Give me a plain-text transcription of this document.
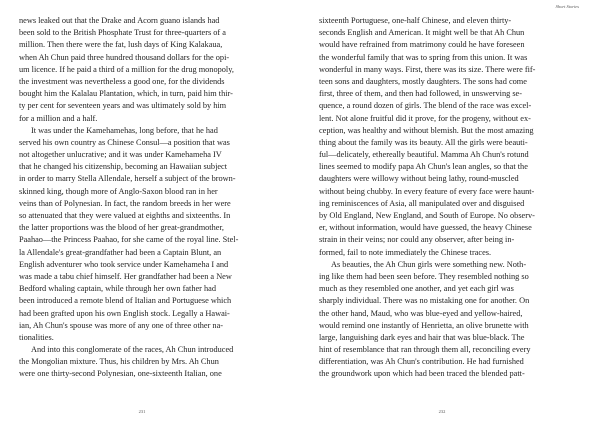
news leaked out that the Drake and Acorn guano islands had
been sold to the British Phosphate Trust for three-quarters of a
million. Then there were the fat, lush days of King Kalakaua,
when Ah Chun paid three hundred thousand dollars for the opi-
um licence. If he paid a third of a million for the drug monopoly,
the investment was nevertheless a good one, for the dividends
bought him the Kalalau Plantation, which, in turn, paid him thir-
ty per cent for seventeen years and was ultimately sold by him
for a million and a half.
It was under the Kamehamehas, long before, that he had
served his own country as Chinese Consul—a position that was
not altogether unlucrative; and it was under Kamehameha IV
that he changed his citizenship, becoming an Hawaiian subject
in order to marry Stella Allendale, herself a subject of the brown-
skinned king, though more of Anglo-Saxon blood ran in her
veins than of Polynesian. In fact, the random breeds in her were
so attenuated that they were valued at eighths and sixteenths. In
the latter proportions was the blood of her great-grandmother,
Paahao—the Princess Paahao, for she came of the royal line. Stel-
la Allendale's great-grandfather had been a Captain Blunt, an
English adventurer who took service under Kamehameha I and
was made a tabu chief himself. Her grandfather had been a New
Bedford whaling captain, while through her own father had
been introduced a remote blend of Italian and Portuguese which
had been grafted upon his own English stock. Legally a Hawai-
ian, Ah Chun's spouse was more of any one of three other na-
tionalities.
And into this conglomerate of the races, Ah Chun introduced
the Mongolian mixture. Thus, his children by Mrs. Ah Chun
were one thirty-second Polynesian, one-sixteenth Italian, one
231
Short Stories
sixteenth Portuguese, one-half Chinese, and eleven thirty-
seconds English and American. It might well be that Ah Chun
would have refrained from matrimony could he have foreseen
the wonderful family that was to spring from this union. It was
wonderful in many ways. First, there was its size. There were fif-
teen sons and daughters, mostly daughters. The sons had come
first, three of them, and then had followed, in unswerving se-
quence, a round dozen of girls. The blend of the race was excel-
lent. Not alone fruitful did it prove, for the progeny, without ex-
ception, was healthy and without blemish. But the most amazing
thing about the family was its beauty. All the girls were beauti-
ful—delicately, ethereally beautiful. Mamma Ah Chun's rotund
lines seemed to modify papa Ah Chun's lean angles, so that the
daughters were willowy without being lathy, round-muscled
without being chubby. In every feature of every face were haunt-
ing reminiscences of Asia, all manipulated over and disguised
by Old England, New England, and South of Europe. No observ-
er, without information, would have guessed, the heavy Chinese
strain in their veins; nor could any observer, after being in-
formed, fail to note immediately the Chinese traces.
As beauties, the Ah Chun girls were something new. Noth-
ing like them had been seen before. They resembled nothing so
much as they resembled one another, and yet each girl was
sharply individual. There was no mistaking one for another. On
the other hand, Maud, who was blue-eyed and yellow-haired,
would remind one instantly of Henrietta, an olive brunette with
large, languishing dark eyes and hair that was blue-black. The
hint of resemblance that ran through them all, reconciling every
differentiation, was Ah Chun's contribution. He had furnished
the groundwork upon which had been traced the blended patt-
232
